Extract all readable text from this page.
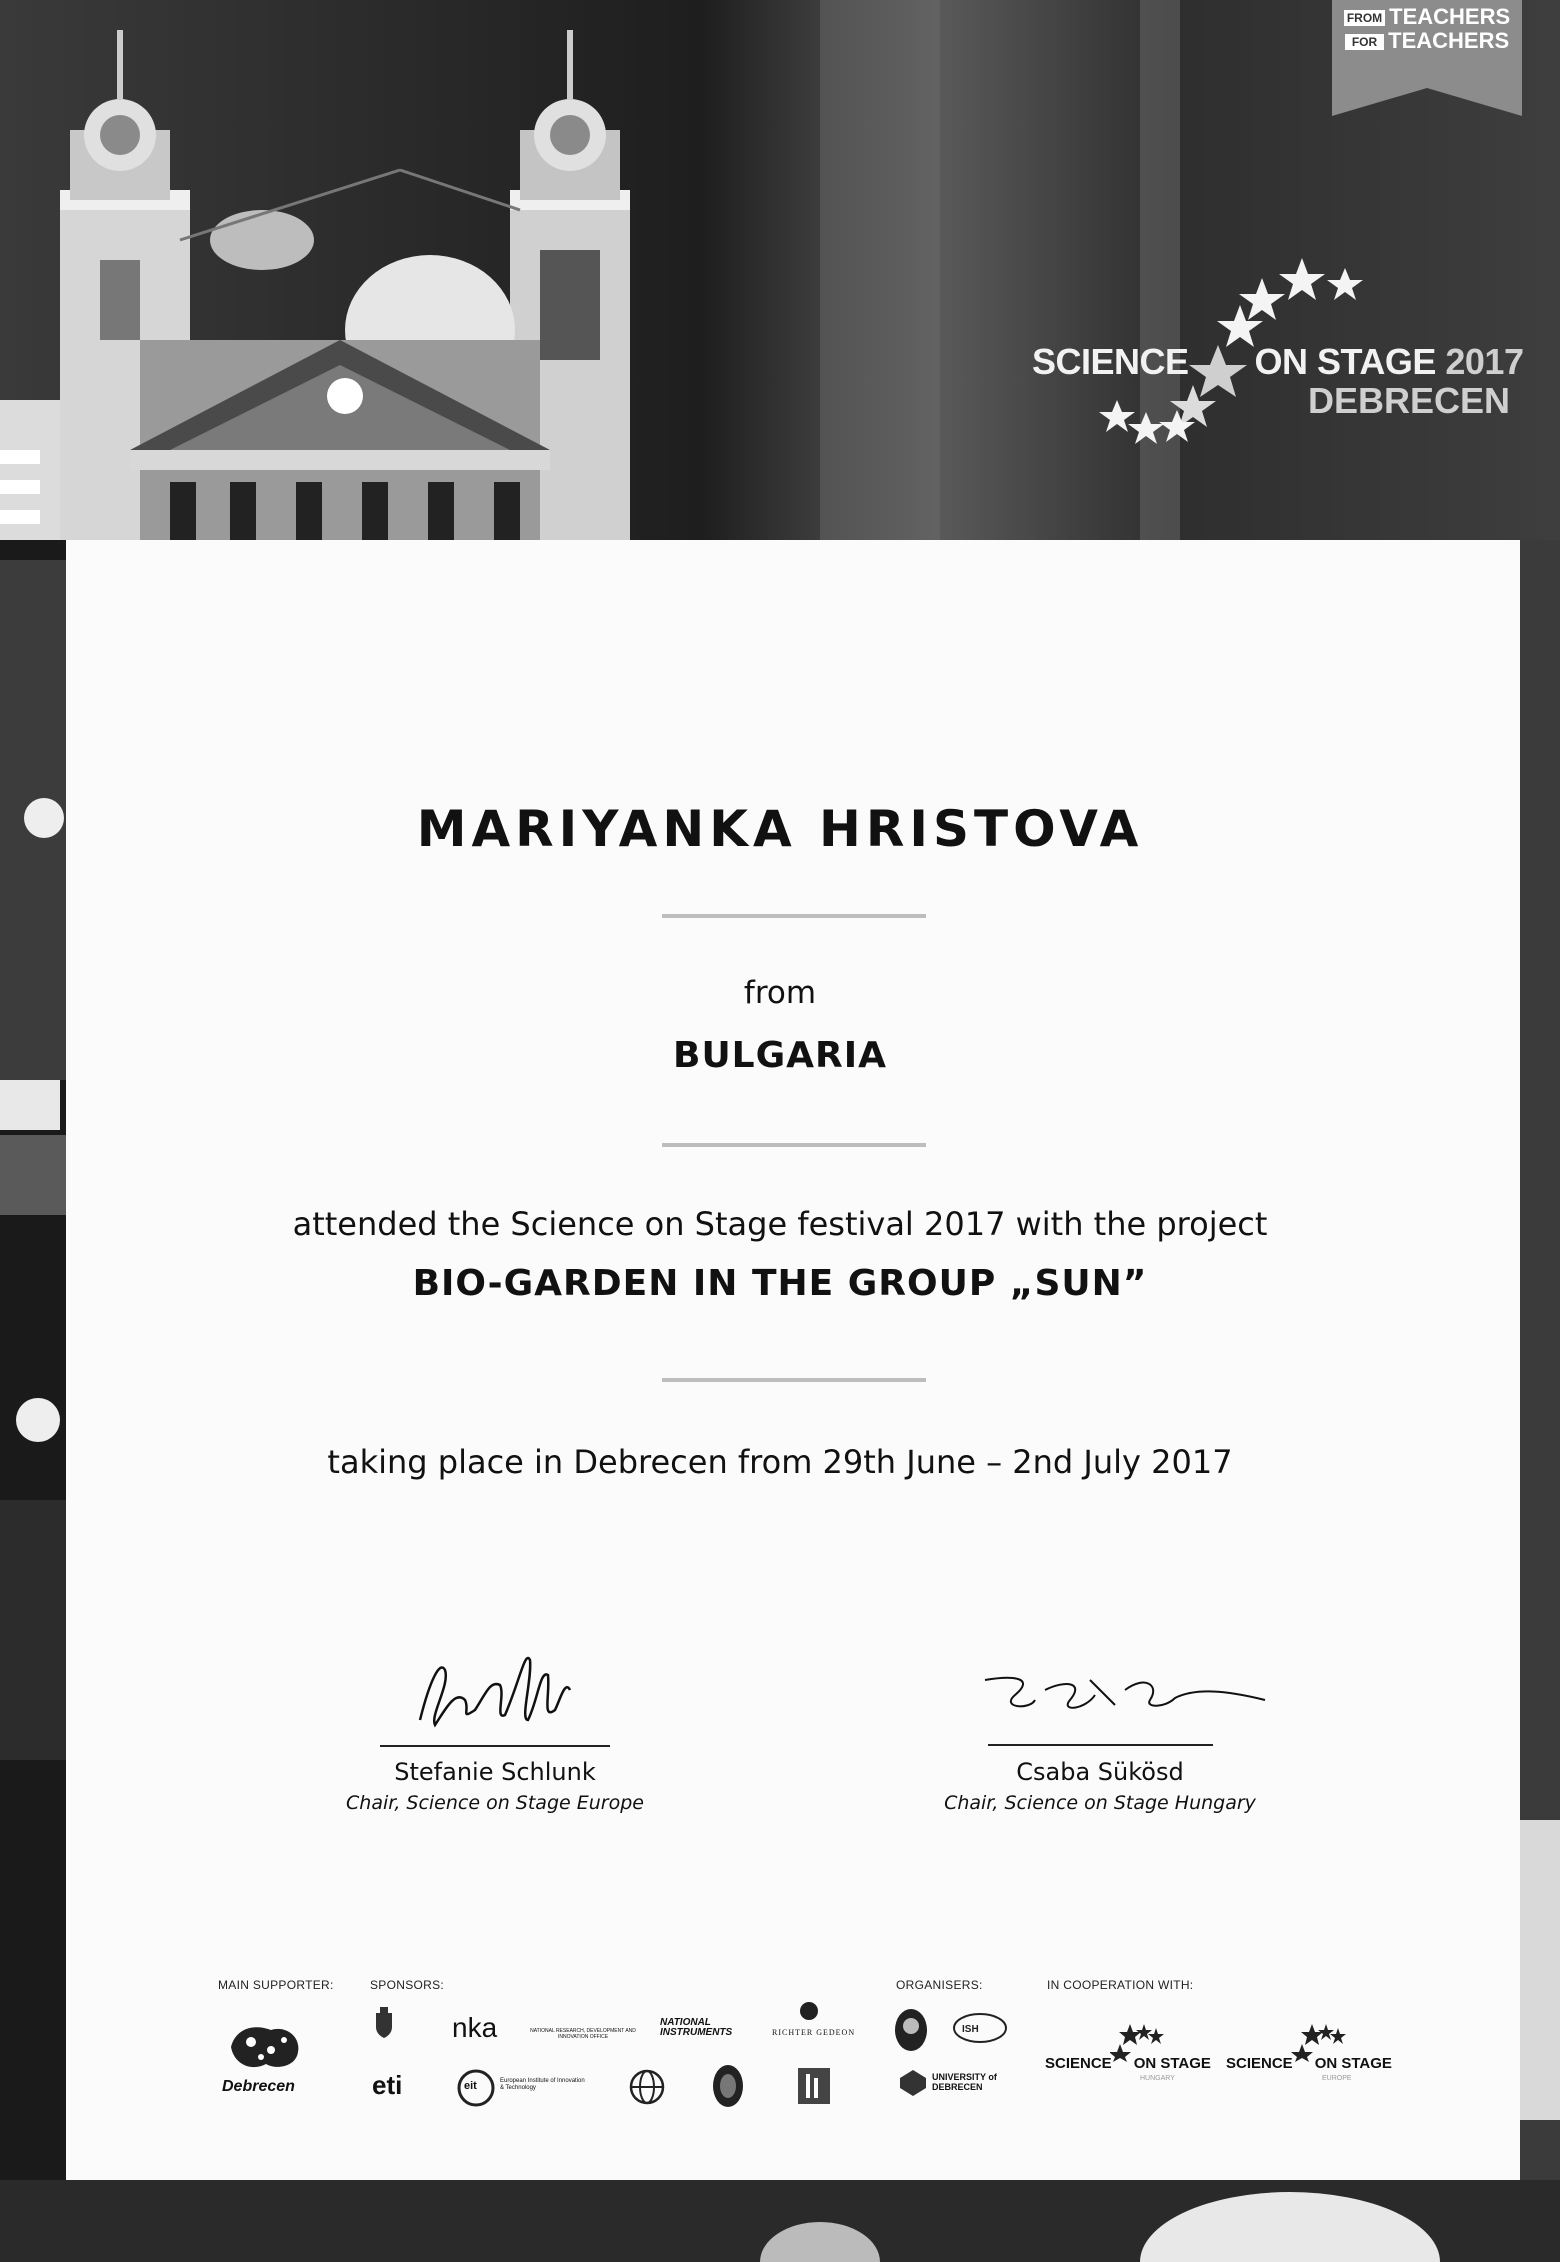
FROM TEACHERS
FOR TEACHERS
SCIENCE ON STAGE 2017
DEBRECEN
MARIYANKA HRISTOVA
from
BULGARIA
attended the Science on Stage festival 2017 with the project
BIO-GARDEN IN THE GROUP „SUN”
taking place in Debrecen from 29th June – 2nd July 2017
Stefanie Schlunk
Chair, Science on Stage Europe
Csaba Sükösd
Chair, Science on Stage Hungary
MAIN SUPPORTER:	SPONSORS:	ORGANISERS:	IN COOPERATION WITH:
Debrecen
nka	NATIONAL RESEARCH, DEVELOPMENT AND INNOVATION OFFICE
NATIONAL INSTRUMENTS	RICHTER GEDEON
eti	eit	European Institute of Innovation & Technology
ISH
UNIVERSITY of DEBRECEN
SCIENCE ON STAGE
HUNGARY
SCIENCE ON STAGE
EUROPE
